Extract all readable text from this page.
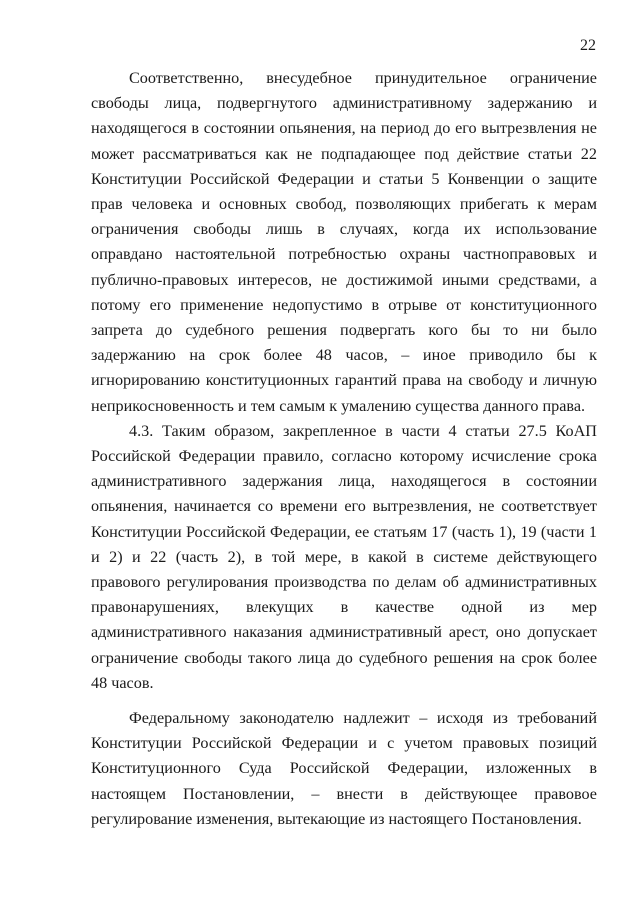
22

Соответственно, внесудебное принудительное ограничение свободы лица, подвергнутого административному задержанию и находящегося в состоянии опьянения, на период до его вытрезвления не может рассматриваться как не подпадающее под действие статьи 22 Конституции Российской Федерации и статьи 5 Конвенции о защите прав человека и основных свобод, позволяющих прибегать к мерам ограничения свободы лишь в случаях, когда их использование оправдано настоятельной потребностью охраны частноправовых и публично-правовых интересов, не достижимой иными средствами, а потому его применение недопустимо в отрыве от конституционного запрета до судебного решения подвергать кого бы то ни было задержанию на срок более 48 часов, – иное приводило бы к игнорированию конституционных гарантий права на свободу и личную неприкосновенность и тем самым к умалению существа данного права.

4.3. Таким образом, закрепленное в части 4 статьи 27.5 КоАП Российской Федерации правило, согласно которому исчисление срока административного задержания лица, находящегося в состоянии опьянения, начинается со времени его вытрезвления, не соответствует Конституции Российской Федерации, ее статьям 17 (часть 1), 19 (части 1 и 2) и 22 (часть 2), в той мере, в какой в системе действующего правового регулирования производства по делам об административных правонарушениях, влекущих в качестве одной из мер административного наказания административный арест, оно допускает ограничение свободы такого лица до судебного решения на срок более 48 часов.

Федеральному законодателю надлежит – исходя из требований Конституции Российской Федерации и с учетом правовых позиций Конституционного Суда Российской Федерации, изложенных в настоящем Постановлении, – внести в действующее правовое регулирование изменения, вытекающие из настоящего Постановления.
